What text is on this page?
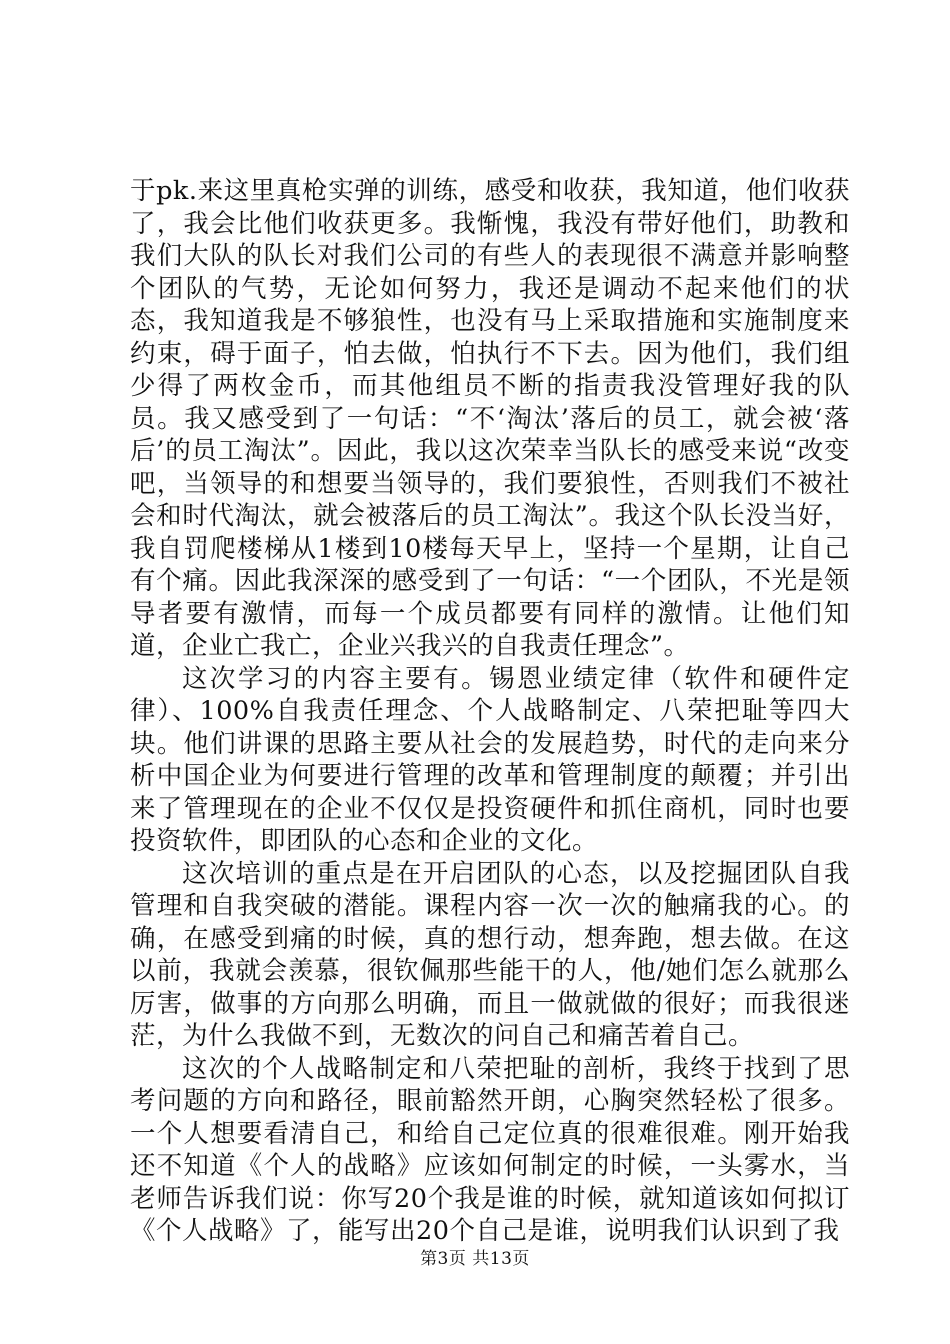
于pk.来这里真枪实弹的训练，感受和收获，我知道，他们收获了，我会比他们收获更多。我惭愧，我没有带好他们，助教和我们大队的队长对我们公司的有些人的表现很不满意并影响整个团队的气势，无论如何努力，我还是调动不起来他们的状态，我知道我是不够狼性，也没有马上采取措施和实施制度来约束，碍于面子，怕去做，怕执行不下去。因为他们，我们组少得了两枚金币，而其他组员不断的指责我没管理好我的队员。我又感受到了一句话：“不‘淘汰’落后的员工，就会被‘落后’的员工淘汰”。因此，我以这次荣幸当队长的感受来说“改变吧，当领导的和想要当领导的，我们要狼性，否则我们不被社会和时代淘汰，就会被落后的员工淘汰”。我这个队长没当好，我自罚爬楼梯从1楼到10楼每天早上，坚持一个星期，让自己有个痛。因此我深深的感受到了一句话：“一个团队，不光是领导者要有激情，而每一个成员都要有同样的激情。让他们知道，企业亡我亡，企业兴我兴的自我责任理念”。

这次学习的内容主要有。锡恩业绩定律（软件和硬件定律）、100%自我责任理念、个人战略制定、八荣把耻等四大块。他们讲课的思路主要从社会的发展趋势，时代的走向来分析中国企业为何要进行管理的改革和管理制度的颠覆；并引出来了管理现在的企业不仅仅是投资硬件和抓住商机，同时也要投资软件，即团队的心态和企业的文化。

这次培训的重点是在开启团队的心态，以及挖掘团队自我管理和自我突破的潜能。课程内容一次一次的触痛我的心。的确，在感受到痛的时候，真的想行动，想奔跑，想去做。在这以前，我就会羡慕，很钦佩那些能干的人，他/她们怎么就那么厉害，做事的方向那么明确，而且一做就做的很好；而我很迷茫，为什么我做不到，无数次的问自己和痛苦着自己。

这次的个人战略制定和八荣把耻的剖析，我终于找到了思考问题的方向和路径，眼前豁然开朗，心胸突然轻松了很多。一个人想要看清自己，和给自己定位真的很难很难。刚开始我还不知道《个人的战略》应该如何制定的时候，一头雾水，当老师告诉我们说：你写20个我是谁的时候，就知道该如何拟订《个人战略》了，能写出20个自己是谁，说明我们认识到了我

第3页 共13页
